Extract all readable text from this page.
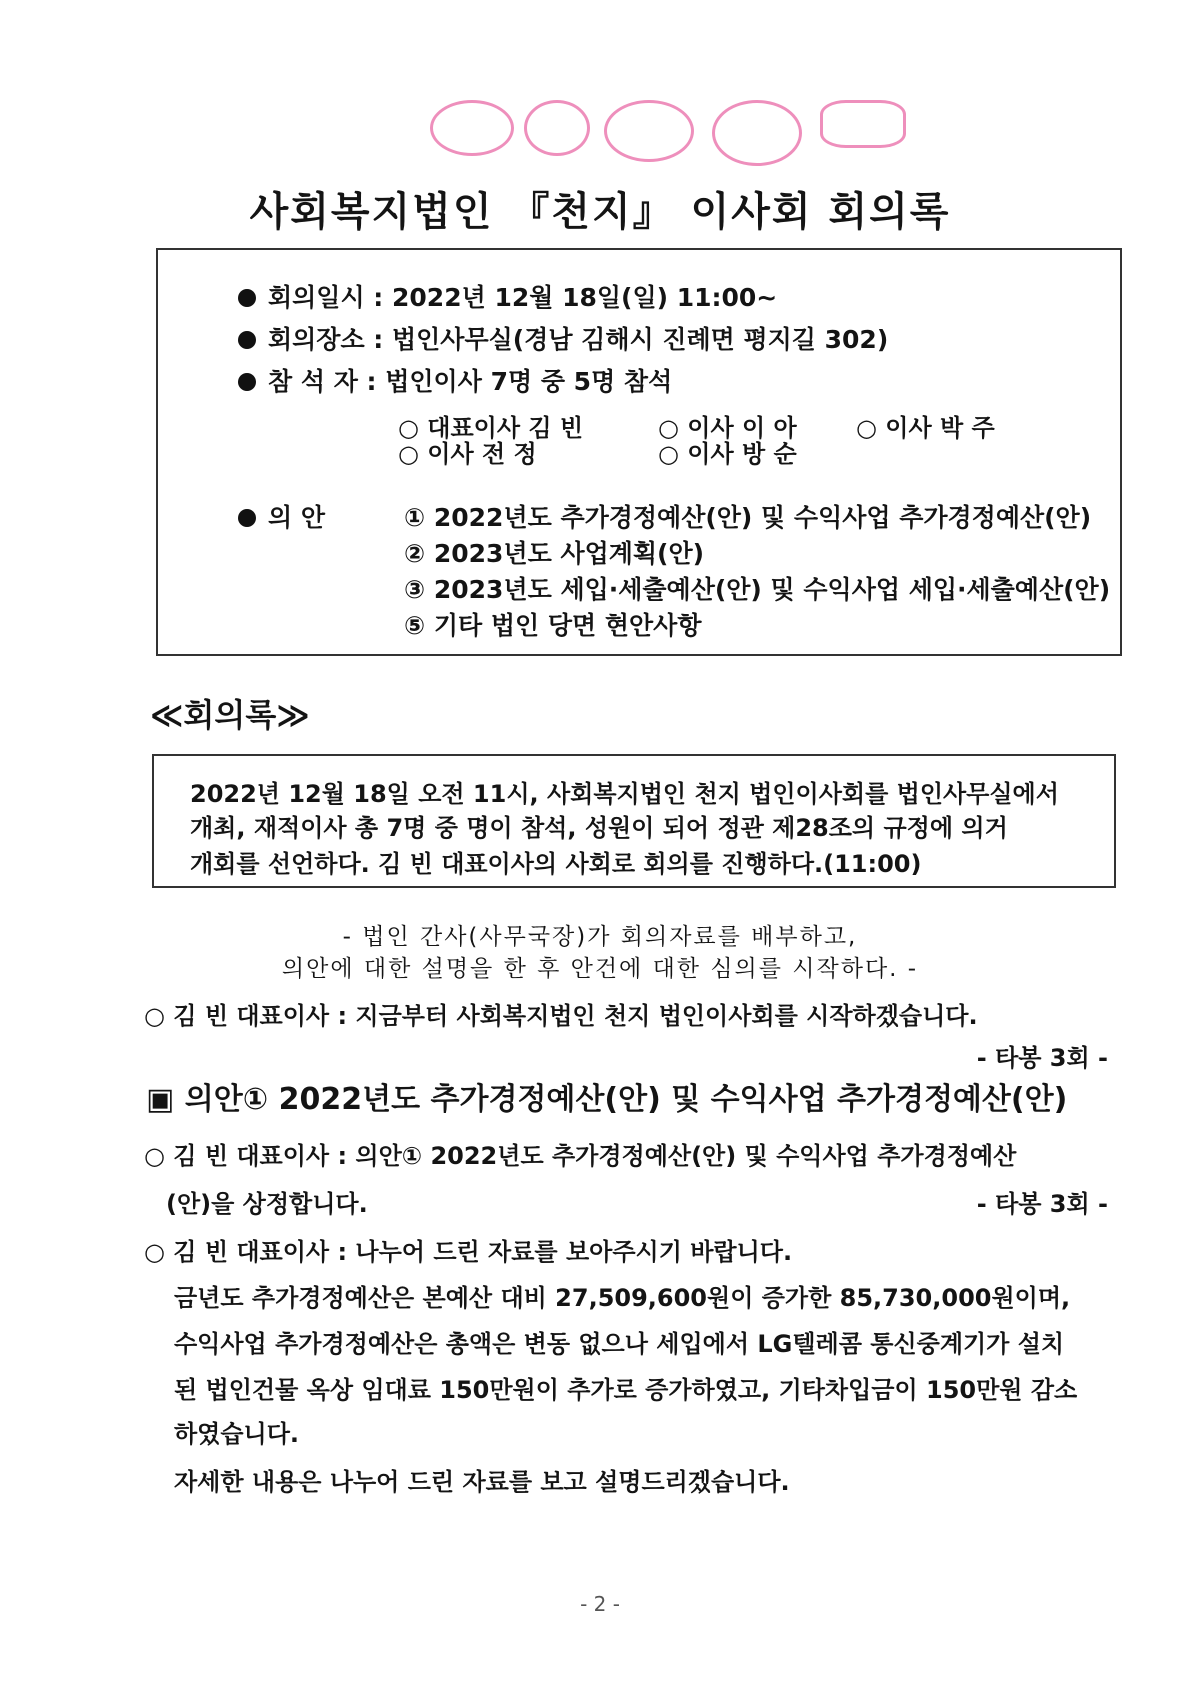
사회복지법인 『천지』 이사회 회의록
회의일시 : 2022년 12월 18일(일) 11:00~
회의장소 : 법인사무실(경남 김해시 진례면 평지길 302)
참 석 자 : 법인이사 7명 중 5명 참석
○ 대표이사 김 빈	○ 이사 이 아 ○ 이사 박 주
○ 이사 전 정	○ 이사 방 순
의 안	① 2022년도 추가경정예산(안) 및 수익사업 추가경정예산(안)
② 2023년도 사업계획(안)
③ 2023년도 세입·세출예산(안) 및 수익사업 세입·세출예산(안)
⑤ 기타 법인 당면 현안사항
≪회의록≫

2022년 12월 18일 오전 11시, 사회복지법인 천지 법인이사회를 법인사무실에서

개최, 재적이사 총 7명 중 명이 참석, 성원이 되어 정관 제28조의 규정에 의거

개회를 선언하다. 김 빈 대표이사의 사회로 회의를 진행하다.(11:00)

- 법인 간사(사무국장)가 회의자료를 배부하고,
의안에 대한 설명을 한 후 안건에 대한 심의를 시작하다. -
○ 김 빈 대표이사 : 지금부터 사회복지법인 천지 법인이사회를 시작하겠습니다.
- 타봉 3회 -
▣ 의안① 2022년도 추가경정예산(안) 및 수익사업 추가경정예산(안)
○ 김 빈 대표이사 : 의안① 2022년도 추가경정예산(안) 및 수익사업 추가경정예산
(안)을 상정합니다.	- 타봉 3회 -
○ 김 빈 대표이사 : 나누어 드린 자료를 보아주시기 바랍니다.
금년도 추가경정예산은 본예산 대비 27,509,600원이 증가한 85,730,000원이며,
수익사업 추가경정예산은 총액은 변동 없으나 세입에서 LG텔레콤 통신중계기가 설치
된 법인건물 옥상 임대료 150만원이 추가로 증가하였고, 기타차입금이 150만원 감소
하였습니다.
자세한 내용은 나누어 드린 자료를 보고 설명드리겠습니다.
- 2 -
